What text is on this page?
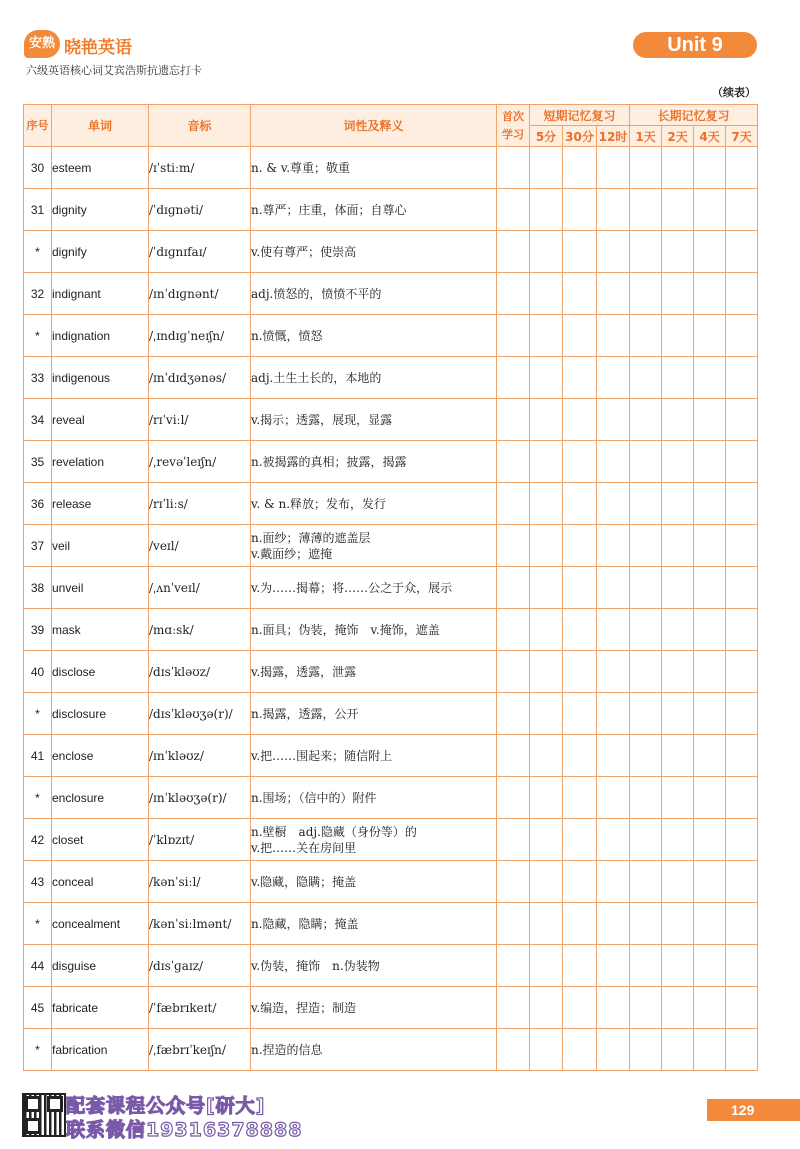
安熟 晓艳英语
六级英语核心词艾宾浩斯抗遗忘打卡
Unit 9
（续表）
序号	单词	音标	词性及释义	首次学习	短期记忆复习			长期记忆复习			
					5分	30分	12时	1天	2天	4天	7天
30	esteem	/ɪˈstiːm/	n. & v.尊重；敬重								

31	dignity	/ˈdɪɡnəti/	n.尊严；庄重，体面；自尊心								

*	dignify	/ˈdɪɡnɪfaɪ/	v.使有尊严；使崇高								

32	indignant	/ɪnˈdɪɡnənt/	adj.愤怒的，愤愤不平的								

*	indignation	/ˌɪndɪɡˈneɪʃn/	n.愤慨，愤怒								

33	indigenous	/ɪnˈdɪdʒənəs/	adj.土生土长的，本地的								

34	reveal	/rɪˈviːl/	v.揭示；透露，展现，显露								

35	revelation	/ˌrevəˈleɪʃn/	n.被揭露的真相；披露，揭露								

36	release	/rɪˈliːs/	v. & n.释放；发布，发行								

37	veil	/veɪl/	n.面纱；薄薄的遮盖层
v.戴面纱；遮掩								

38	unveil	/ˌʌnˈveɪl/	v.为……揭幕；将……公之于众，展示								

39	mask	/mɑːsk/	n.面具；伪装，掩饰　v.掩饰，遮盖								

40	disclose	/dɪsˈkləʊz/	v.揭露，透露，泄露								

*	disclosure	/dɪsˈkləʊʒə(r)/	n.揭露，透露，公开								

41	enclose	/ɪnˈkləʊz/	v.把……围起来；随信附上								

*	enclosure	/ɪnˈkləʊʒə(r)/	n.围场；（信中的）附件								

42	closet	/ˈklɒzɪt/	n.壁橱　adj.隐藏（身份等）的
v.把……关在房间里								

43	conceal	/kənˈsiːl/	v.隐藏，隐瞒；掩盖								

*	concealment	/kənˈsiːlmənt/	n.隐藏，隐瞒；掩盖								

44	disguise	/dɪsˈɡaɪz/	v.伪装，掩饰　n.伪装物								

45	fabricate	/ˈfæbrɪkeɪt/	v.编造，捏造；制造								

*	fabrication	/ˌfæbrɪˈkeɪʃn/	n.捏造的信息								

配套课程公众号[研大]
联系微信19316378888
129
